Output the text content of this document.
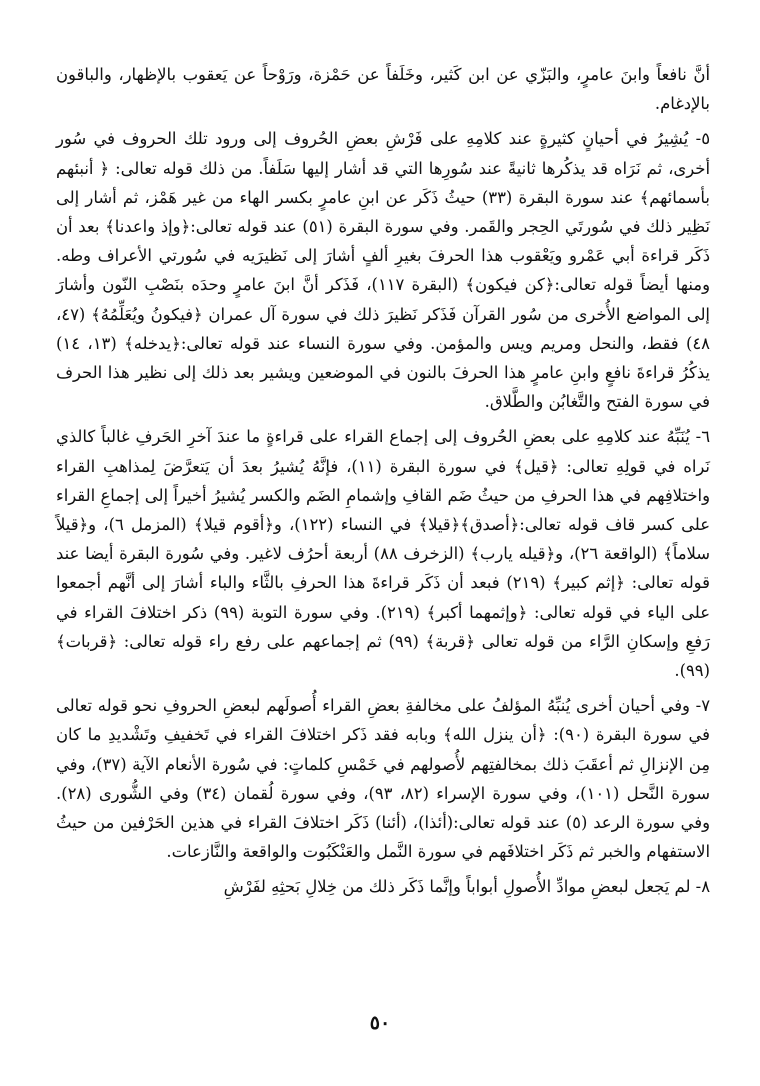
أنَّ نافعاً وابنَ عامرٍ، والبَزّي عن ابن كَثير، وخَلَفاً عن حَمْزة، ورَوْحاً عن يَعقوب بالإظهار، والباقون بالإدغام.

٥- يُشِيرُ في أحيانٍ كثيرةٍ عند كلامِهِ على فَرْشِ بعضِ الحُروف إلى ورود تلك الحروف في سُور أخرى، ثم نَرَاه قد يذكُرها ثانيةً عند سُورِها التي قد أشار إليها سَلَفاً. من ذلك قوله تعالى: ﴿ أنبئهم بأسمائهم﴾ عند سورة البقرة (٣٣) حيثُ ذَكَر عن ابنِ عامرٍ بكسر الهاء من غير هَمْز، ثم أشار إلى نَظِير ذلك في سُورتَي الحِجر والقَمر. وفي سورة البقرة (٥١) عند قوله تعالى:﴿وإذ واعدنا﴾ بعد أن ذَكَر قراءة أبي عَمْرو ويَعْقوب هذا الحرفَ بغيرِ ألفٍ أشارَ إلى نَظيرَيه في سُورتي الأعراف وطه. ومنها أيضاً قوله تعالى:﴿كن فيكون﴾ (البقرة ١١٧)، فَذَكر أنَّ ابنَ عامرٍ وحدَه بنَصْبِ النّون وأشارَ إلى المواضع الأُخرى من سُور القرآن فَذَكر نَظيرَ ذلك في سورة آل عمران ﴿فيكونُ ويُعَلِّمُهُ﴾ (٤٧، ٤٨) فقط، والنحل ومريم ويس والمؤمن. وفي سورة النساء عند قوله تعالى:﴿يدخله﴾ (١٣، ١٤) يذكُرُ قراءةَ نافعٍ وابنِ عامرٍ هذا الحرفَ بالنون في الموضعين ويشير بعد ذلك إلى نظير هذا الحرف في سورة الفتح والتَّغابُن والطَّلاق.

٦- يُنَبِّهُ عند كلامِهِ على بعضِ الحُروف إلى إجماع القراء على قراءةٍ ما عندَ آخرِ الحَرفِ غالباً كالذي نَراه في قولِهِ تعالى: ﴿قيل﴾ في سورة البقرة (١١)، فإنَّهُ يُشيرُ بعدَ أن يَتعرَّضَ لِمذاهبِ القراء واختلافِهم في هذا الحرفِ من حيثُ ضَم القافِ وإشمامِ الضَم والكسر يُشيرُ أخيراً إلى إجماعِ القراء على كسر قاف قوله تعالى:﴿أصدق﴾﴿قيلا﴾ في النساء (١٢٢)، و﴿أقوم قيلا﴾ (المزمل ٦)، و﴿قيلاً سلاماً﴾ (الواقعة ٢٦)، و﴿قيله يارب﴾ (الزخرف ٨٨) أربعة أحرُف لاغير. وفي سُورة البقرة أيضا عند قوله تعالى: ﴿إثم كبير﴾ (٢١٩) فبعد أن ذَكَر قراءةَ هذا الحرفِ بالثَّاء والباء أشارَ إلى أنَّهم أجمعوا على الياء في قوله تعالى: ﴿وإثمهما أكبر﴾ (٢١٩). وفي سورة التوبة (٩٩) ذكر اختلافَ القراء في رَفعِ وإسكانِ الرَّاء من قوله تعالى ﴿قربة﴾ (٩٩) ثم إجماعهم على رفع راء قوله تعالى: ﴿قربات﴾ (٩٩).

٧- وفي أحيان أخرى يُنبِّهُ المؤلفُ على مخالفةِ بعضِ القراء أُصولَهم لبعضِ الحروفِ نحو قوله تعالى في سورة البقرة (٩٠): ﴿أن ينزل الله﴾ وبابه فقد ذَكر اختلافَ القراء في تَخفيفِ وتَشْديدِ ما كان مِن الإنزالِ ثم أعقَبَ ذلك بمخالفتِهم لأُصولهم في خَمْسِ كلماتٍ: في سُورة الأنعام الآية (٣٧)، وفي سورة النَّحل (١٠١)، وفي سورة الإسراء (٨٢، ٩٣)، وفي سورة لُقمان (٣٤) وفي الشُّورى (٢٨). وفي سورة الرعد (٥) عند قوله تعالى:(أئذا)، (أئنا) ذَكَر اختلافَ القراء في هذين الحَرْفين من حيثُ الاستفهام والخبر ثم ذَكَر اختلافَهم في سورة النَّمل والعَنْكَبُوت والواقعة والنَّازعات.

٨- لم يَجعل لبعضِ موادِّ الأُصولِ أبواباً وإنَّما ذَكَر ذلك من خِلالِ بَحثِهِ لفَرْشِ

٥٠
